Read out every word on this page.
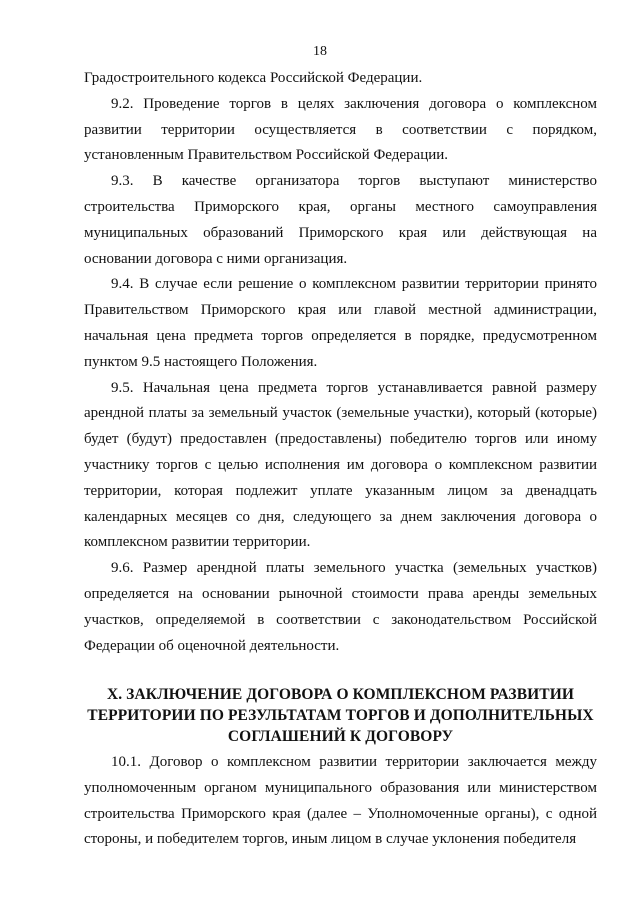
18

Градостроительного кодекса Российской Федерации.

9.2. Проведение торгов в целях заключения договора о комплексном развитии территории осуществляется в соответствии с порядком, установленным Правительством Российской Федерации.

9.3. В качестве организатора торгов выступают министерство строительства Приморского края, органы местного самоуправления муниципальных образований Приморского края или действующая на основании договора с ними организация.

9.4. В случае если решение о комплексном развитии территории принято Правительством Приморского края или главой местной администрации, начальная цена предмета торгов определяется в порядке, предусмотренном пунктом 9.5 настоящего Положения.

9.5. Начальная цена предмета торгов устанавливается равной размеру арендной платы за земельный участок (земельные участки), который (которые) будет (будут) предоставлен (предоставлены) победителю торгов или иному участнику торгов с целью исполнения им договора о комплексном развитии территории, которая подлежит уплате указанным лицом за двенадцать календарных месяцев со дня, следующего за днем заключения договора о комплексном развитии территории.

9.6. Размер арендной платы земельного участка (земельных участков) определяется на основании рыночной стоимости права аренды земельных участков, определяемой в соответствии с законодательством Российской Федерации об оценочной деятельности.

X. ЗАКЛЮЧЕНИЕ ДОГОВОРА О КОМПЛЕКСНОМ РАЗВИТИИ ТЕРРИТОРИИ ПО РЕЗУЛЬТАТАМ ТОРГОВ И ДОПОЛНИТЕЛЬНЫХ СОГЛАШЕНИЙ К ДОГОВОРУ

10.1. Договор о комплексном развитии территории заключается между уполномоченным органом муниципального образования или министерством строительства Приморского края (далее – Уполномоченные органы), с одной стороны, и победителем торгов, иным лицом в случае уклонения победителя
